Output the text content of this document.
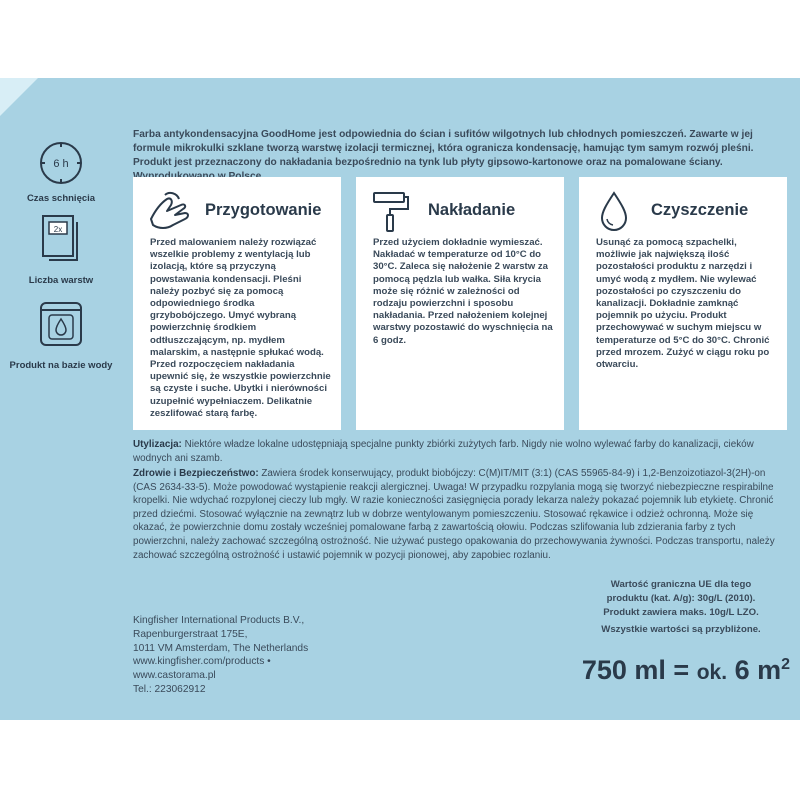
Farba antykondensacyjna GoodHome jest odpowiednia do ścian i sufitów wilgotnych lub chłodnych pomieszczeń. Zawarte w jej formule mikrokulki szklane tworzą warstwę izolacji termicznej, która ogranicza kondensację, hamując tym samym rozwój pleśni. Produkt jest przeznaczony do nakładania bezpośrednio na tynk lub płyty gipsowo-kartonowe oraz na pomalowane ściany.
6 h
Czas schnięcia
2x
Liczba warstw
Produkt na bazie wody
Przygotowanie
Przed malowaniem należy rozwiązać wszelkie problemy z wentylacją lub izolacją, które są przyczyną powstawania kondensacji. Pleśni należy pozbyć się za pomocą odpowiedniego środka grzybobójczego. Umyć wybraną powierzchnię środkiem odtłuszczającym, np. mydłem malarskim, a następnie spłukać wodą. Przed rozpoczęciem nakładania upewnić się, że wszystkie powierzchnie są czyste i suche. Ubytki i nierówności uzupełnić wypełniaczem. Delikatnie zeszlifować starą farbę.
Nakładanie
Przed użyciem dokładnie wymieszać. Nakładać w temperaturze od 10°C do 30°C. Zaleca się nałożenie 2 warstw za pomocą pędzla lub wałka. Siła krycia może się różnić w zależności od rodzaju powierzchni i sposobu nakładania. Przed nałożeniem kolejnej warstwy pozostawić do wyschnięcia na 6 godz.
Czyszczenie
Usunąć za pomocą szpachelki, możliwie jak największą ilość pozostałości produktu z narzędzi i umyć wodą z mydłem. Nie wylewać pozostałości po czyszczeniu do kanalizacji. Dokładnie zamknąć pojemnik po użyciu. Produkt przechowywać w suchym miejscu w temperaturze od 5°C do 30°C. Chronić przed mrozem. Zużyć w ciągu roku po otwarciu.
Utylizacja: Niektóre władze lokalne udostępniają specjalne punkty zbiórki zużytych farb. Nigdy nie wolno wylewać farby do kanalizacji, cieków wodnych ani szamb.
Zdrowie i Bezpieczeństwo: Zawiera środek konserwujący, produkt biobójczy: C(M)IT/MIT (3:1) (CAS 55965-84-9) i 1,2-Benzoizotiazol-3(2H)-on (CAS 2634-33-5). Może powodować wystąpienie reakcji alergicznej. Uwaga! W przypadku rozpylania mogą się tworzyć niebezpieczne respirabilne kropelki. Nie wdychać rozpylonej cieczy lub mgły. W razie konieczności zasięgnięcia porady lekarza należy pokazać pojemnik lub etykietę. Chronić przed dziećmi. Stosować wyłącznie na zewnątrz lub w dobrze wentylowanym pomieszczeniu. Stosować rękawice i odzież ochronną. Może się okazać, że powierzchnie domu zostały wcześniej pomalowane farbą z zawartością ołowiu. Podczas szlifowania lub zdzierania farby z tych powierzchni, należy zachować szczególną ostrożność. Nie używać pustego opakowania do przechowywania żywności. Podczas transportu, należy zachować szczególną ostrożność i ustawić pojemnik w pozycji pionowej, aby zapobiec rozlaniu.
Wartość graniczna UE dla tego
produktu (kat. A/g): 30g/L (2010).
Produkt zawiera maks. 10g/L LZO.
Wszystkie wartości są przybliżone.
Kingfisher International Products B.V.,
Rapenburgerstraat 175E,
1011 VM Amsterdam, The Netherlands
www.kingfisher.com/products •
www.castorama.pl
Tel.: 223062912
750 ml = ok. 6 $m^2$
